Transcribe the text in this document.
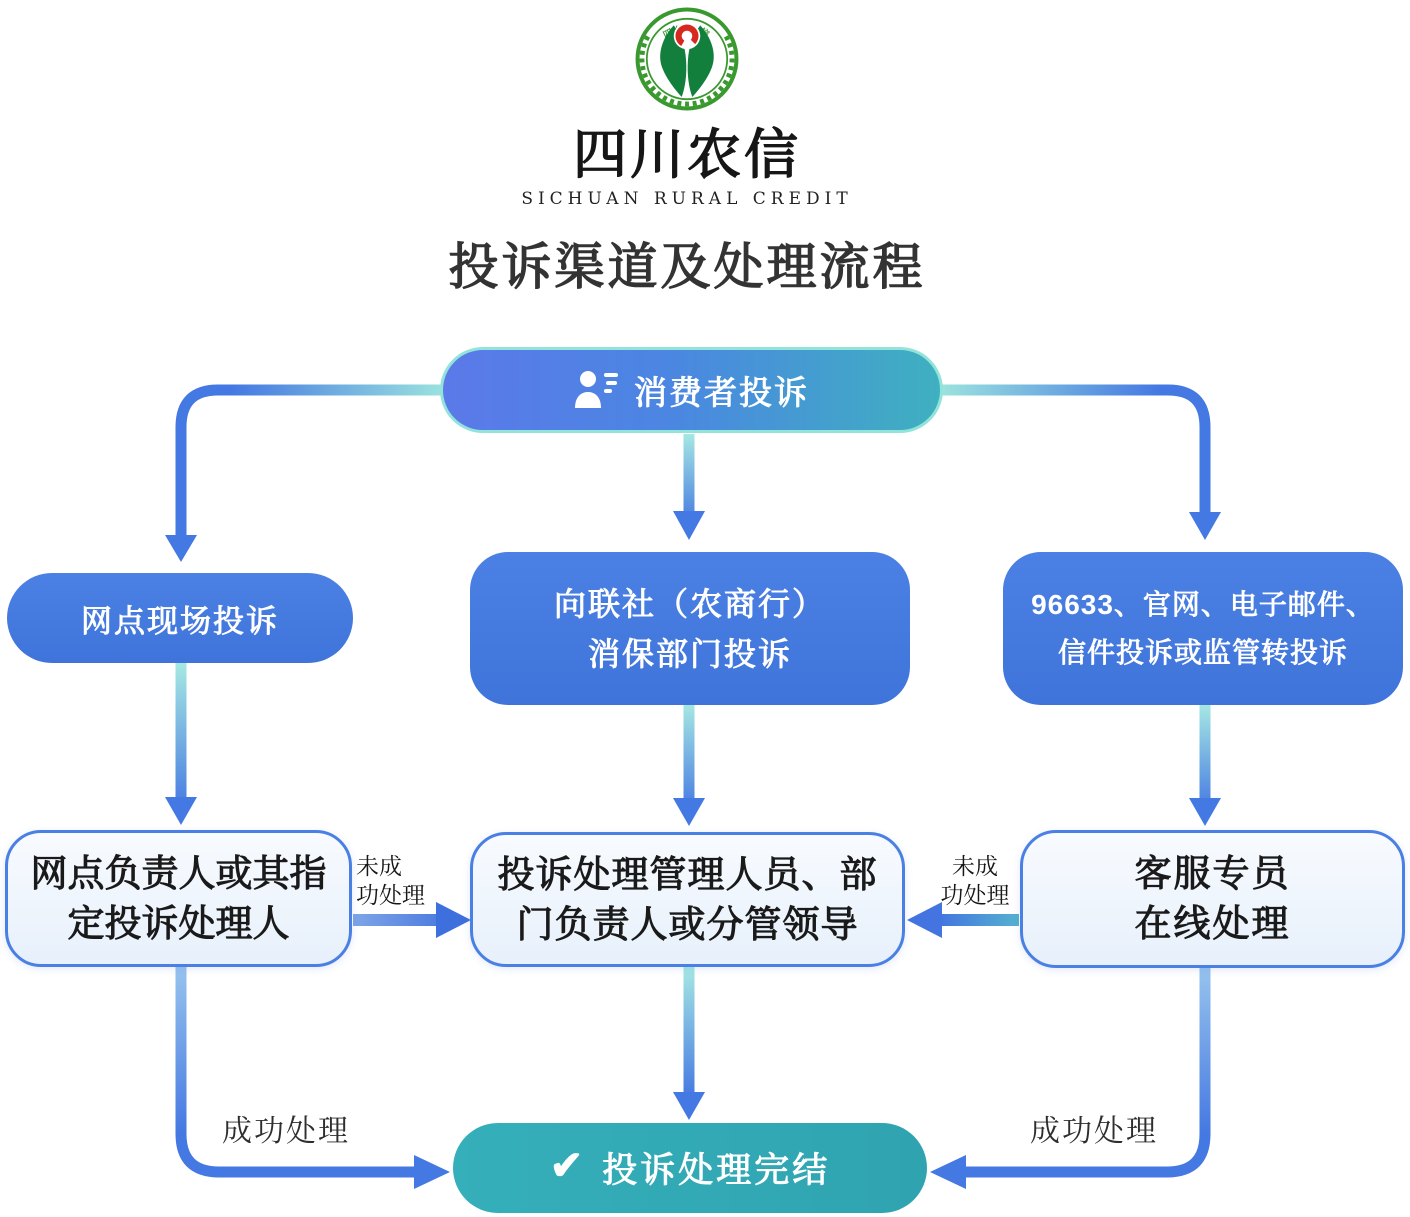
四川农信
SICHUAN RURAL CREDIT
投诉渠道及处理流程
消费者投诉
网点现场投诉	向联社（农商行）
消保部门投诉
96633、官网、电子邮件、
信件投诉或监管转投诉
网点负责人或其指
定投诉处理人
投诉处理管理人员、部
门负责人或分管领导
客服专员
在线处理
✔ 投诉处理完结
未成
功处理
未成
功处理
成功处理	成功处理
